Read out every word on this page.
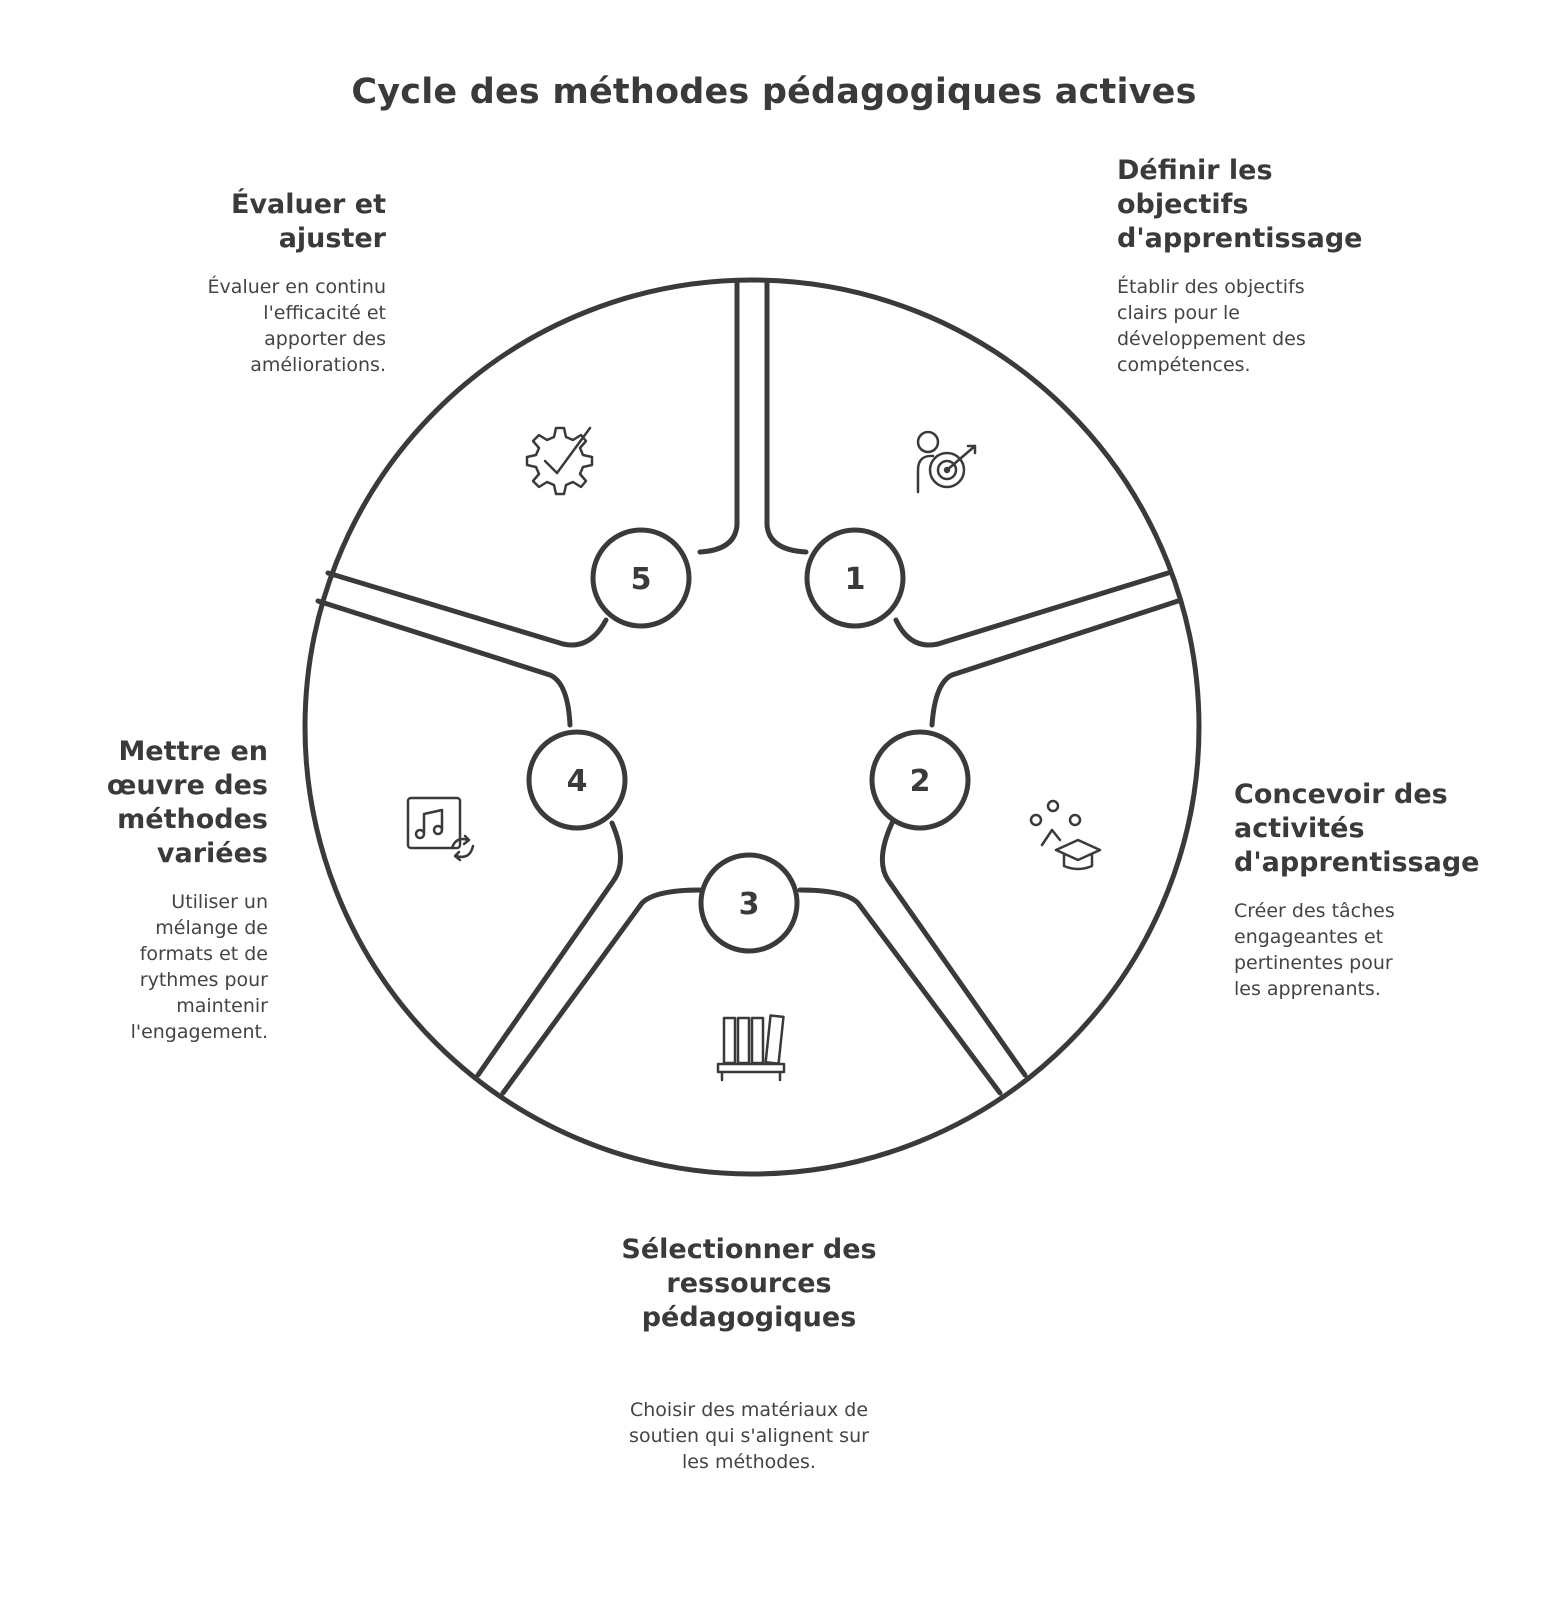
Cycle des méthodes pédagogiques actives
1
2
3
4
5
Définir les
objectifs
d'apprentissage
Établir des objectifs
clairs pour le
développement des
compétences.
Concevoir des
activités
d'apprentissage
Créer des tâches
engageantes et
pertinentes pour
les apprenants.
Sélectionner des
ressources
pédagogiques
Choisir des matériaux de
soutien qui s'alignent sur
les méthodes.
Mettre en
œuvre des
méthodes
variées
Utiliser un
mélange de
formats et de
rythmes pour
maintenir
l'engagement.
Évaluer et
ajuster
Évaluer en continu
l'efficacité et
apporter des
améliorations.
